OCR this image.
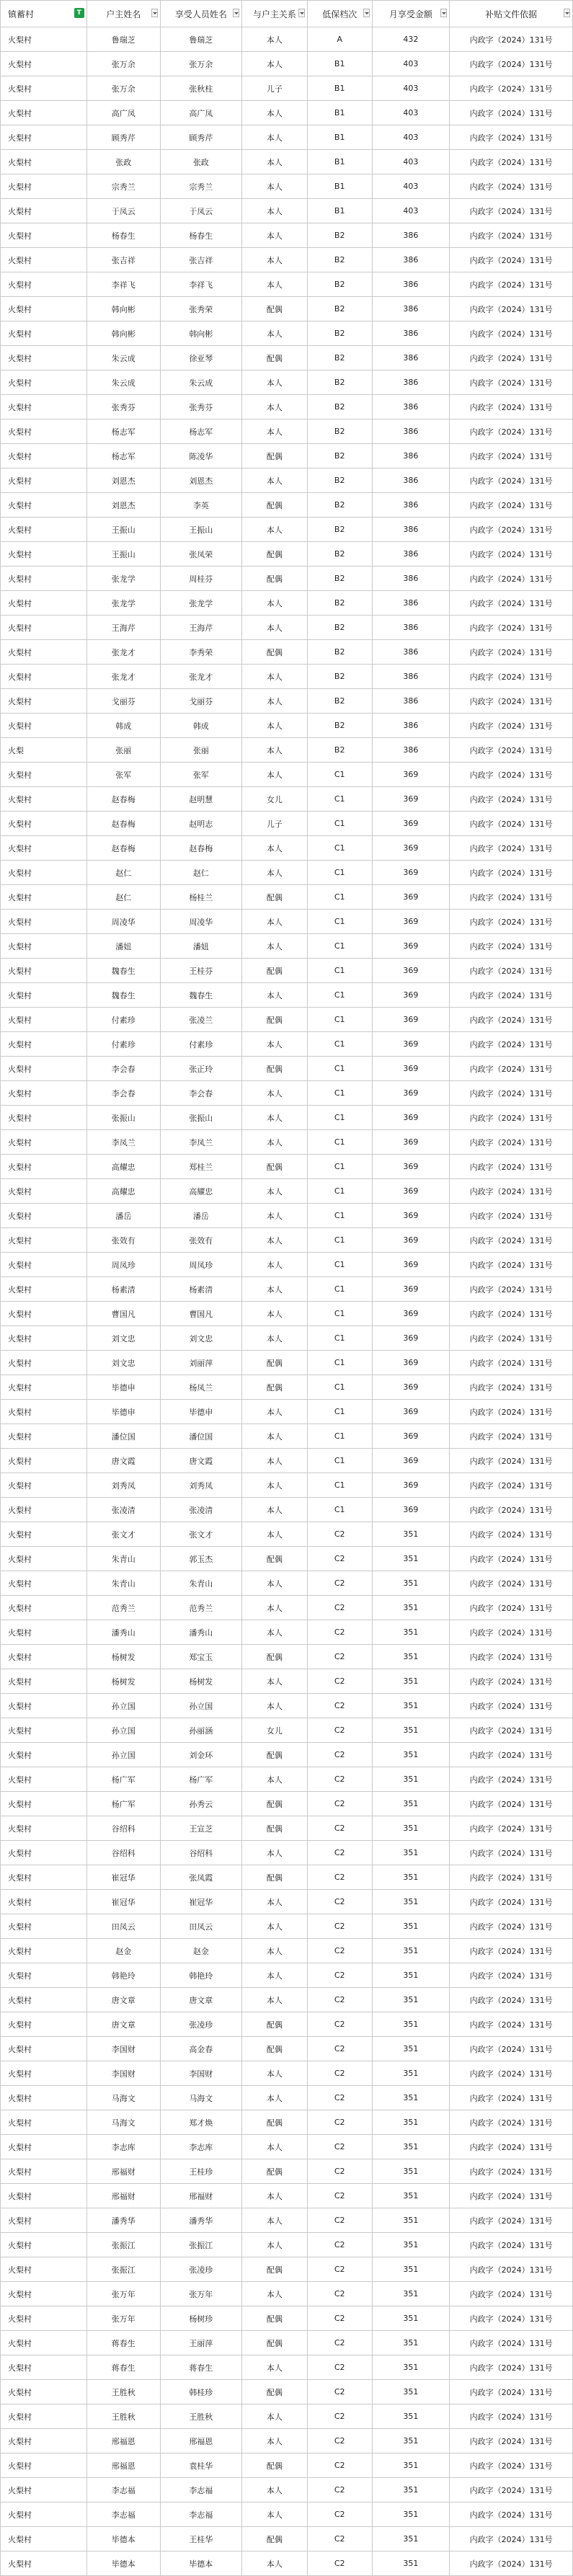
镇蓄村 T	户主姓名	享受人员姓名	与户主关系	低保档次	月享受金额	补贴文件依据

火梨村	鲁瑞芝	鲁瑞芝	本人	A	432	内政字（2024）131号
火梨村	张万余	张万余	本人	B1	403	内政字（2024）131号
火梨村	张万余	张秋柱	儿子	B1	403	内政字（2024）131号
火梨村	高广凤	高广凤	本人	B1	403	内政字（2024）131号
火梨村	顾秀芹	顾秀芹	本人	B1	403	内政字（2024）131号
火梨村	张政	张政	本人	B1	403	内政字（2024）131号
火梨村	宗秀兰	宗秀兰	本人	B1	403	内政字（2024）131号
火梨村	于凤云	于凤云	本人	B1	403	内政字（2024）131号
火梨村	杨春生	杨春生	本人	B2	386	内政字（2024）131号
火梨村	张吉祥	张吉祥	本人	B2	386	内政字（2024）131号
火梨村	李祥飞	李祥飞	本人	B2	386	内政字（2024）131号
火梨村	韩向彬	张秀荣	配偶	B2	386	内政字（2024）131号
火梨村	韩向彬	韩向彬	本人	B2	386	内政字（2024）131号
火梨村	朱云成	徐亚琴	配偶	B2	386	内政字（2024）131号
火梨村	朱云成	朱云成	本人	B2	386	内政字（2024）131号
火梨村	张秀芬	张秀芬	本人	B2	386	内政字（2024）131号
火梨村	杨志军	杨志军	本人	B2	386	内政字（2024）131号
火梨村	杨志军	陈凌华	配偶	B2	386	内政字（2024）131号
火梨村	刘恩杰	刘恩杰	本人	B2	386	内政字（2024）131号
火梨村	刘恩杰	李英	配偶	B2	386	内政字（2024）131号
火梨村	王振山	王振山	本人	B2	386	内政字（2024）131号
火梨村	王振山	张凤荣	配偶	B2	386	内政字（2024）131号
火梨村	张龙学	周桂芬	配偶	B2	386	内政字（2024）131号
火梨村	张龙学	张龙学	本人	B2	386	内政字（2024）131号
火梨村	王海芹	王海芹	本人	B2	386	内政字（2024）131号
火梨村	张龙才	李秀荣	配偶	B2	386	内政字（2024）131号
火梨村	张龙才	张龙才	本人	B2	386	内政字（2024）131号
火梨村	戈丽芬	戈丽芬	本人	B2	386	内政字（2024）131号
火梨村	韩成	韩成	本人	B2	386	内政字（2024）131号
火梨	张丽	张丽	本人	B2	386	内政字（2024）131号
火梨村	张军	张军	本人	C1	369	内政字（2024）131号
火梨村	赵春梅	赵明慧	女儿	C1	369	内政字（2024）131号
火梨村	赵春梅	赵明志	儿子	C1	369	内政字（2024）131号
火梨村	赵春梅	赵春梅	本人	C1	369	内政字（2024）131号
火梨村	赵仁	赵仁	本人	C1	369	内政字（2024）131号
火梨村	赵仁	杨桂兰	配偶	C1	369	内政字（2024）131号
火梨村	周凌华	周凌华	本人	C1	369	内政字（2024）131号
火梨村	潘妞	潘妞	本人	C1	369	内政字（2024）131号
火梨村	魏春生	王桂芬	配偶	C1	369	内政字（2024）131号
火梨村	魏春生	魏春生	本人	C1	369	内政字（2024）131号
火梨村	付素珍	张凌兰	配偶	C1	369	内政字（2024）131号
火梨村	付素珍	付素珍	本人	C1	369	内政字（2024）131号
火梨村	李会春	张正玲	配偶	C1	369	内政字（2024）131号
火梨村	李会春	李会春	本人	C1	369	内政字（2024）131号
火梨村	张振山	张振山	本人	C1	369	内政字（2024）131号
火梨村	李凤兰	李凤兰	本人	C1	369	内政字（2024）131号
火梨村	高耀忠	郑桂兰	配偶	C1	369	内政字（2024）131号
火梨村	高耀忠	高耀忠	本人	C1	369	内政字（2024）131号
火梨村	潘岳	潘岳	本人	C1	369	内政字（2024）131号
火梨村	张效有	张效有	本人	C1	369	内政字（2024）131号
火梨村	周凤珍	周凤珍	本人	C1	369	内政字（2024）131号
火梨村	杨素清	杨素清	本人	C1	369	内政字（2024）131号
火梨村	曹国凡	曹国凡	本人	C1	369	内政字（2024）131号
火梨村	刘文忠	刘文忠	本人	C1	369	内政字（2024）131号
火梨村	刘文忠	刘丽萍	配偶	C1	369	内政字（2024）131号
火梨村	毕德申	杨凤兰	配偶	C1	369	内政字（2024）131号
火梨村	毕德申	毕德申	本人	C1	369	内政字（2024）131号
火梨村	潘位国	潘位国	本人	C1	369	内政字（2024）131号
火梨村	唐文霞	唐文霞	本人	C1	369	内政字（2024）131号
火梨村	刘秀凤	刘秀凤	本人	C1	369	内政字（2024）131号
火梨村	张凌清	张凌清	本人	C1	369	内政字（2024）131号
火梨村	张文才	张文才	本人	C2	351	内政字（2024）131号
火梨村	朱青山	郭玉杰	配偶	C2	351	内政字（2024）131号
火梨村	朱青山	朱青山	本人	C2	351	内政字（2024）131号
火梨村	范秀兰	范秀兰	本人	C2	351	内政字（2024）131号
火梨村	潘秀山	潘秀山	本人	C2	351	内政字（2024）131号
火梨村	杨树发	郑宝玉	配偶	C2	351	内政字（2024）131号
火梨村	杨树发	杨树发	本人	C2	351	内政字（2024）131号
火梨村	孙立国	孙立国	本人	C2	351	内政字（2024）131号
火梨村	孙立国	孙丽涵	女儿	C2	351	内政字（2024）131号
火梨村	孙立国	刘金环	配偶	C2	351	内政字（2024）131号
火梨村	杨广军	杨广军	本人	C2	351	内政字（2024）131号
火梨村	杨广军	孙秀云	配偶	C2	351	内政字（2024）131号
火梨村	谷绍科	王宣芝	配偶	C2	351	内政字（2024）131号
火梨村	谷绍科	谷绍科	本人	C2	351	内政字（2024）131号
火梨村	崔冠华	张凤霞	配偶	C2	351	内政字（2024）131号
火梨村	崔冠华	崔冠华	本人	C2	351	内政字（2024）131号
火梨村	田凤云	田凤云	本人	C2	351	内政字（2024）131号
火梨村	赵金	赵金	本人	C2	351	内政字（2024）131号
火梨村	韩艳玲	韩艳玲	本人	C2	351	内政字（2024）131号
火梨村	唐文章	唐文章	本人	C2	351	内政字（2024）131号
火梨村	唐文章	张凌珍	配偶	C2	351	内政字（2024）131号
火梨村	李国财	高金春	配偶	C2	351	内政字（2024）131号
火梨村	李国财	李国财	本人	C2	351	内政字（2024）131号
火梨村	马海文	马海文	本人	C2	351	内政字（2024）131号
火梨村	马海文	郑才焕	配偶	C2	351	内政字（2024）131号
火梨村	李志库	李志库	本人	C2	351	内政字（2024）131号
火梨村	邢福财	王桂珍	配偶	C2	351	内政字（2024）131号
火梨村	邢福财	邢福财	本人	C2	351	内政字（2024）131号
火梨村	潘秀华	潘秀华	本人	C2	351	内政字（2024）131号
火梨村	张振江	张振江	本人	C2	351	内政字（2024）131号
火梨村	张振江	张凌珍	配偶	C2	351	内政字（2024）131号
火梨村	张万年	张万年	本人	C2	351	内政字（2024）131号
火梨村	张万年	杨树珍	配偶	C2	351	内政字（2024）131号
火梨村	蒋春生	王丽萍	配偶	C2	351	内政字（2024）131号
火梨村	蒋春生	蒋春生	本人	C2	351	内政字（2024）131号
火梨村	王胜秋	韩桂珍	配偶	C2	351	内政字（2024）131号
火梨村	王胜秋	王胜秋	本人	C2	351	内政字（2024）131号
火梨村	邢福恩	邢福恩	本人	C2	351	内政字（2024）131号
火梨村	邢福恩	袁桂华	配偶	C2	351	内政字（2024）131号
火梨村	李志福	李志福	本人	C2	351	内政字（2024）131号
火梨村	李志福	李志福	本人	C2	351	内政字（2024）131号
火梨村	毕德本	王桂华	配偶	C2	351	内政字（2024）131号
火梨村	毕德本	毕德本	本人	C2	351	内政字（2024）131号
